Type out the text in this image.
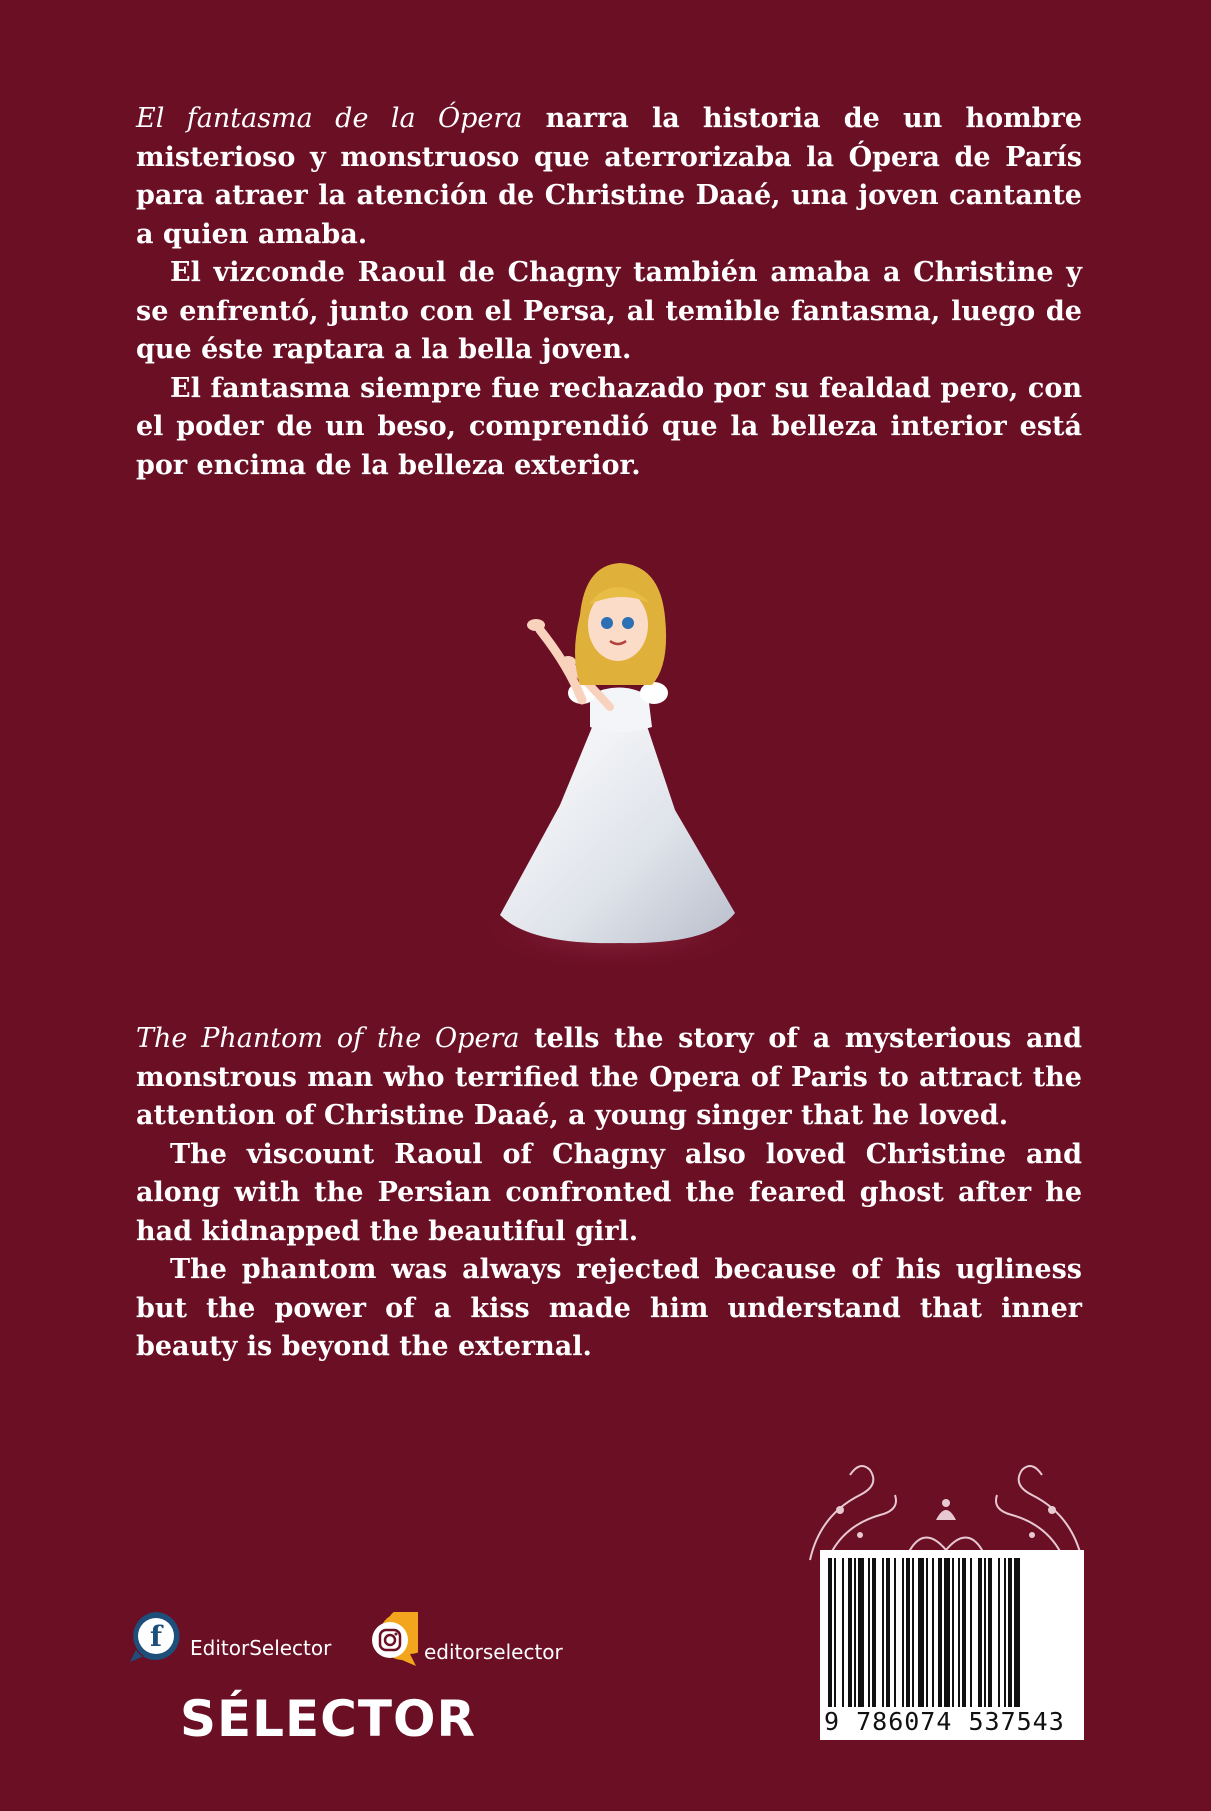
El fantasma de la Ópera narra la historia de un hombre misterioso y monstruoso que aterrorizaba la Ópera de París para atraer la atención de Christine Daaé, una joven cantante a quien amaba.

El vizconde Raoul de Chagny también amaba a Christine y se enfrentó, junto con el Persa, al temible fantasma, luego de que éste raptara a la bella joven.

El fantasma siempre fue rechazado por su fealdad pero, con el poder de un beso, comprendió que la belleza interior está por encima de la belleza exterior.

The Phantom of the Opera tells the story of a mysterious and monstrous man who terrified the Opera of Paris to attract the attention of Christine Daaé, a young singer that he loved.

The viscount Raoul of Chagny also loved Christine and along with the Persian confronted the feared ghost after he had kidnapped the beautiful girl.

The phantom was always rejected because of his ugliness but the power of a kiss made him understand that inner beauty is beyond the external.

f EditorSelector	editorselector
SÉLECTOR	9 786074 537543
